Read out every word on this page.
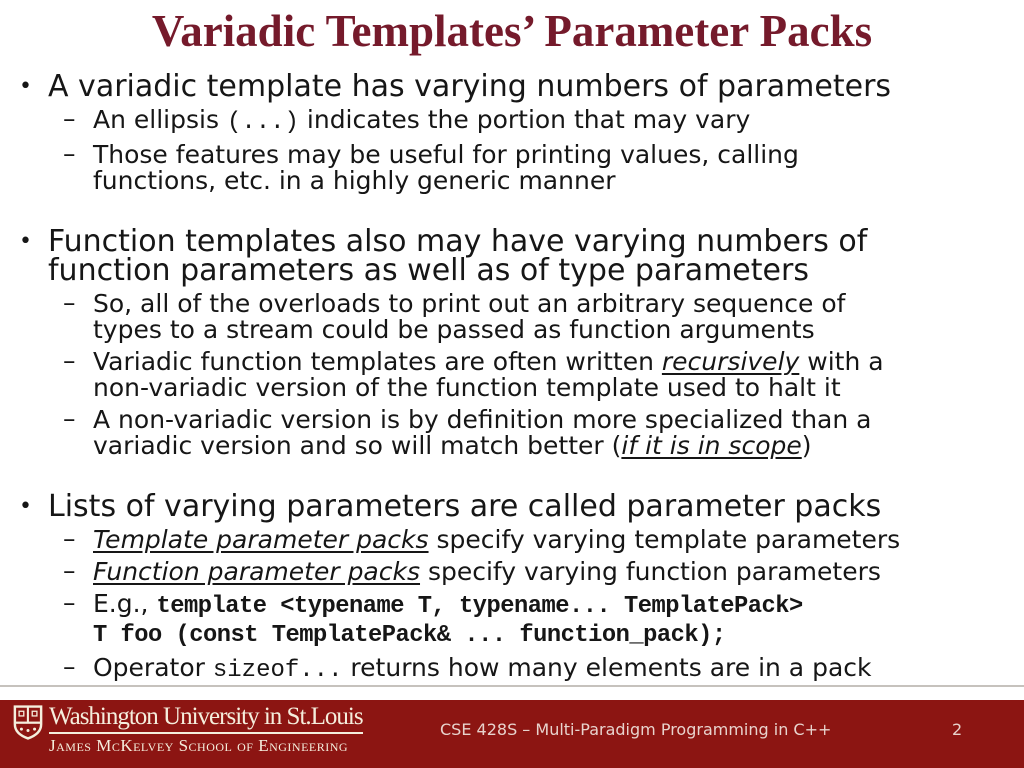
Variadic Templates’ Parameter Packs
• A variadic template has varying numbers of parameters
– An ellipsis (...) indicates the portion that may vary
– Those features may be useful for printing values, calling
functions, etc. in a highly generic manner
• Function templates also may have varying numbers of
function parameters as well as of type parameters
– So, all of the overloads to print out an arbitrary sequence of
types to a stream could be passed as function arguments
– Variadic function templates are often written recursively with a
non-variadic version of the function template used to halt it
– A non-variadic version is by definition more specialized than a
variadic version and so will match better (if it is in scope)
• Lists of varying parameters are called parameter packs
– Template parameter packs specify varying template parameters
– Function parameter packs specify varying function parameters
– E.g., template <typename T, typename... TemplatePack>
T foo (const TemplatePack& ... function_pack);
– Operator sizeof... returns how many elements are in a pack
Washington University in St.Louis
James McKelvey School of Engineering
CSE 428S – Multi-Paradigm Programming in C++	2
